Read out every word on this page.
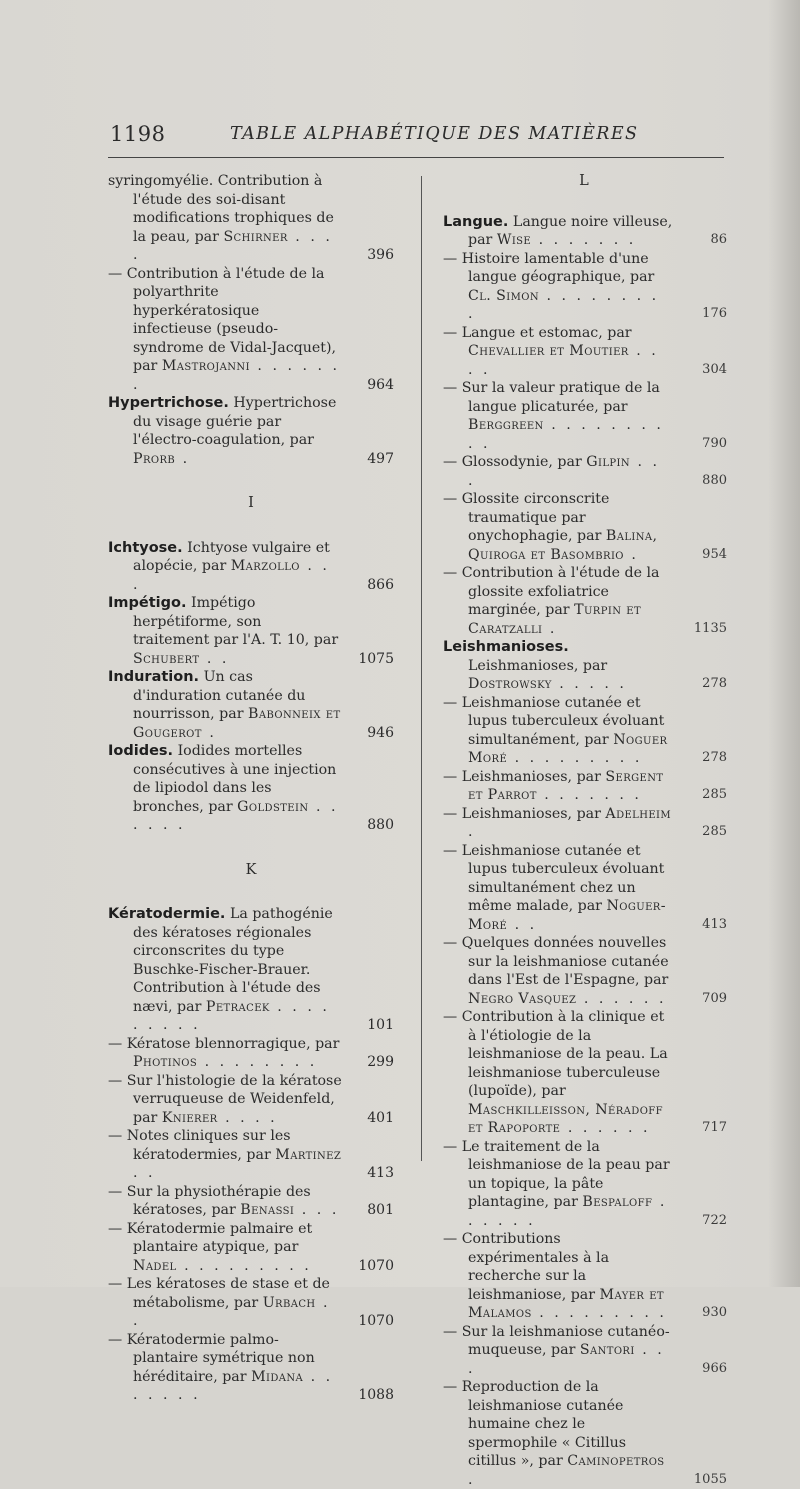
1198	TABLE ALPHABÉTIQUE DES MATIÈRES
syringomyélie. Contribution à l'étude des soi-disant modifications trophiques de la peau, par Schirner . . . .	396
— Contribution à l'étude de la polyarthrite hyperkératosique infectieuse (pseudo-syndrome de Vidal-Jacquet), par Mastrojanni . . . . . . .	964
Hypertrichose. Hypertrichose du visage guérie par l'électro-coagulation, par Prorb .	497
I
Ichtyose. Ichtyose vulgaire et alopécie, par Marzollo . . .	866
Impétigo. Impétigo herpétiforme, son traitement par l'A. T. 10, par Schubert . .	1075
Induration. Un cas d'induration cutanée du nourrisson, par Babonneix et Gougerot .	946
Iodides. Iodides mortelles consécutives à une injection de lipiodol dans les bronches, par Goldstein . . . . . .	880
K
Kératodermie. La pathogénie des kératoses régionales circonscrites du type Buschke-Fischer-Brauer. Contribution à l'étude des nævi, par Petracek . . . . . . . . .	101
— Kératose blennorragique, par Photinos . . . . . . . .	299
— Sur l'histologie de la kératose verruqueuse de Weidenfeld, par Knierer . . . .	401
— Notes cliniques sur les kératodermies, par Martinez . .	413
— Sur la physiothérapie des kératoses, par Benassi . . . 801
— Kératodermie palmaire et plantaire atypique, par Nadel . . . . . . . . .	1070
— Les kératoses de stase et de métabolisme, par Urbach . .	1070
— Kératodermie palmo-plantaire symétrique non héréditaire, par Midana . . . . . . .	1088
L
Langue. Langue noire villeuse, par Wise . . . . . . .	86
— Histoire lamentable d'une langue géographique, par Cl. Simon . . . . . . . . .	176
— Langue et estomac, par Chevallier et Moutier . . . .	304
— Sur la valeur pratique de la langue plicaturée, par Berggreen . . . . . . . . . .	790
— Glossodynie, par Gilpin . . .	880
— Glossite circonscrite traumatique par onychophagie, par Balina, Quiroga et Basombrio .	954
— Contribution à l'étude de la glossite exfoliatrice marginée, par Turpin et Caratzalli .	1135
Leishmanioses. Leishmanioses, par Dostrowsky . . . . .	278
— Leishmaniose cutanée et lupus tuberculeux évoluant simultanément, par Noguer Moré . . . . . . . . .	278
— Leishmanioses, par Sergent et Parrot . . . . . . .	285
— Leishmanioses, par Adelheim .	285
— Leishmaniose cutanée et lupus tuberculeux évoluant simultanément chez un même malade, par Noguer-Moré . .	413
— Quelques données nouvelles sur la leishmaniose cutanée dans l'Est de l'Espagne, par Negro Vasquez . . . . . .	709
— Contribution à la clinique et à l'étiologie de la leishmaniose de la peau. La leishmaniose tuberculeuse (lupoïde), par Maschkilleisson, Néradoff et Rapoporte . . . . . .	717
— Le traitement de la leishmaniose de la peau par un topique, la pâte plantagine, par Bespaloff . . . . . .	722
— Contributions expérimentales à la recherche sur la leishmaniose, par Mayer et Malamos . . . . . . . . .	930
— Sur la leishmaniose cutanéo-muqueuse, par Santori . . .	966
— Reproduction de la leishmaniose cutanée humaine chez le spermophile « Citillus citillus », par Caminopetros .	1055
